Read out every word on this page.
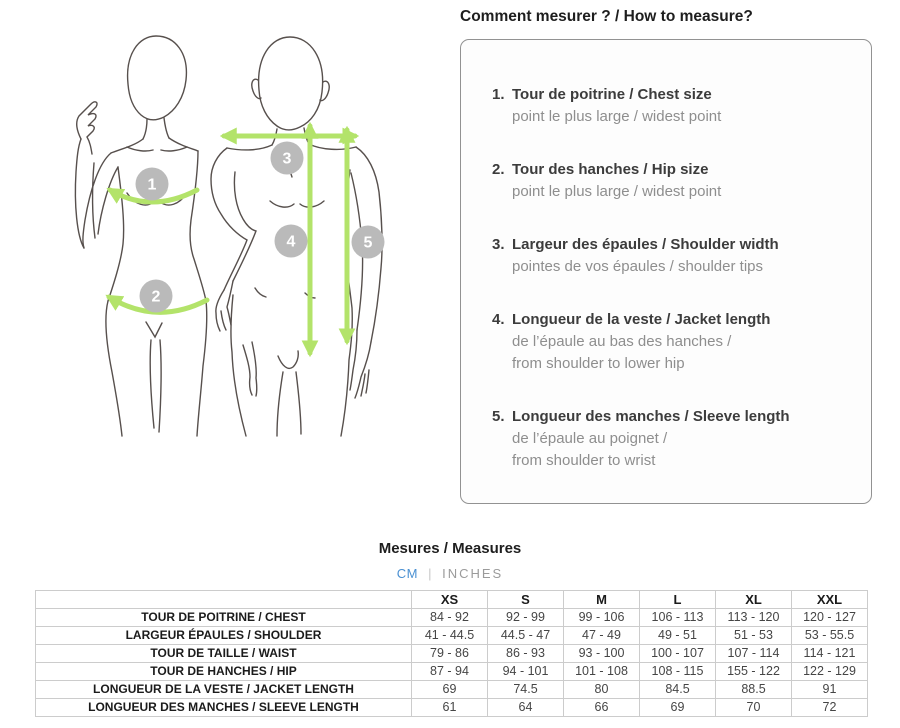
1
2
3
4	5
Comment mesurer ? / How to measure?
1. Tour de poitrine / Chest size
point le plus large / widest point
2. Tour des hanches / Hip size
point le plus large / widest point
3. Largeur des épaules / Shoulder width
pointes de vos épaules / shoulder tips
4. Longueur de la veste / Jacket length
de l’épaule au bas des hanches /
from shoulder to lower hip
5. Longueur des manches / Sleeve length
de l’épaule au poignet /
from shoulder to wrist
Mesures / Measures
CM | INCHES
	XS	S	M	L	XL	XXL
TOUR DE POITRINE / CHEST	84 - 92	92 - 99	99 - 106	106 - 113	113 - 120	120 - 127
LARGEUR ÉPAULES / SHOULDER	41 - 44.5	44.5 - 47	47 - 49	49 - 51	51 - 53	53 - 55.5
TOUR DE TAILLE / WAIST	79 - 86	86 - 93	93 - 100	100 - 107	107 - 114	114 - 121
TOUR DE HANCHES / HIP	87 - 94	94 - 101	101 - 108	108 - 115	155 - 122	122 - 129
LONGUEUR DE LA VESTE / JACKET LENGTH	69	74.5	80	84.5	88.5	91
LONGUEUR DES MANCHES / SLEEVE LENGTH	61	64	66	69	70	72
